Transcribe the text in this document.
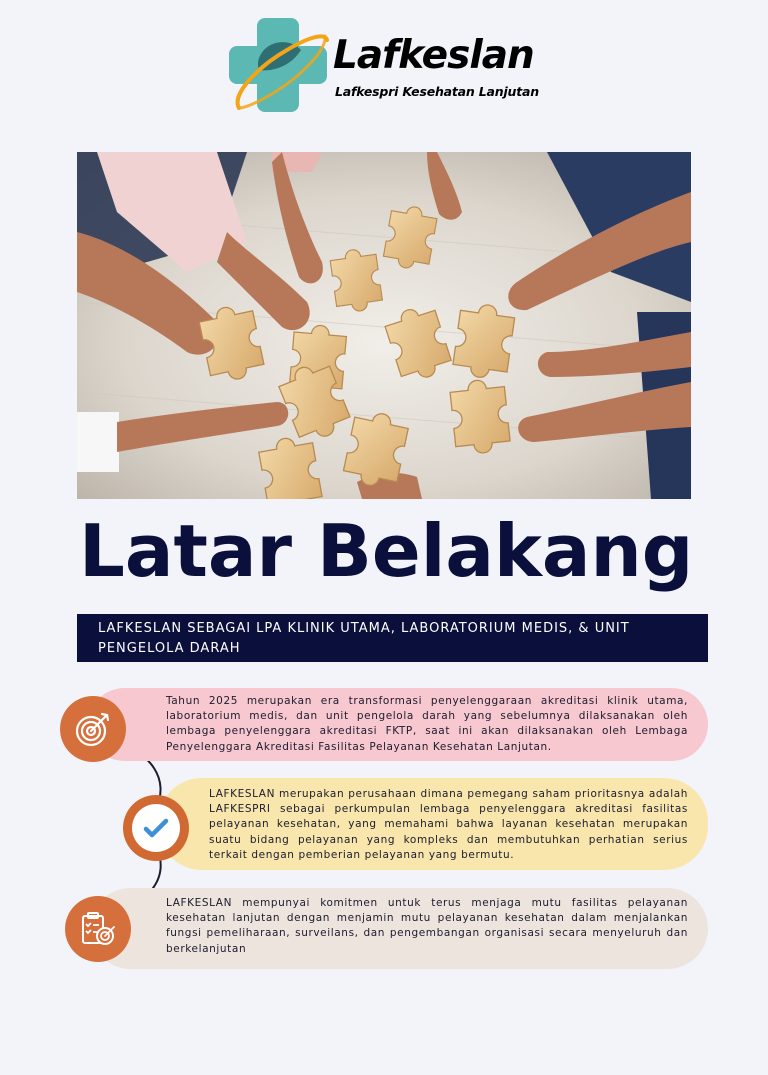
Lafkeslan
Lafkespri Kesehatan Lanjutan
Latar Belakang
LAFKESLAN SEBAGAI LPA KLINIK UTAMA, LABORATORIUM MEDIS, & UNIT PENGELOLA DARAH
Tahun 2025 merupakan era transformasi penyelenggaraan akreditasi klinik utama, laboratorium medis, dan unit pengelola darah yang sebelumnya dilaksanakan oleh lembaga penyelenggara akreditasi FKTP, saat ini akan dilaksanakan oleh Lembaga Penyelenggara Akreditasi Fasilitas Pelayanan Kesehatan Lanjutan.
LAFKESLAN merupakan perusahaan dimana pemegang saham prioritasnya adalah LAFKESPRI sebagai perkumpulan lembaga penyelenggara akreditasi fasilitas pelayanan kesehatan, yang memahami bahwa layanan kesehatan merupakan suatu bidang pelayanan yang kompleks dan membutuhkan perhatian serius terkait dengan pemberian pelayanan yang bermutu.
LAFKESLAN mempunyai komitmen untuk terus menjaga mutu fasilitas pelayanan kesehatan lanjutan dengan menjamin mutu pelayanan kesehatan dalam menjalankan fungsi pemeliharaan, surveilans, dan pengembangan organisasi secara menyeluruh dan berkelanjutan
